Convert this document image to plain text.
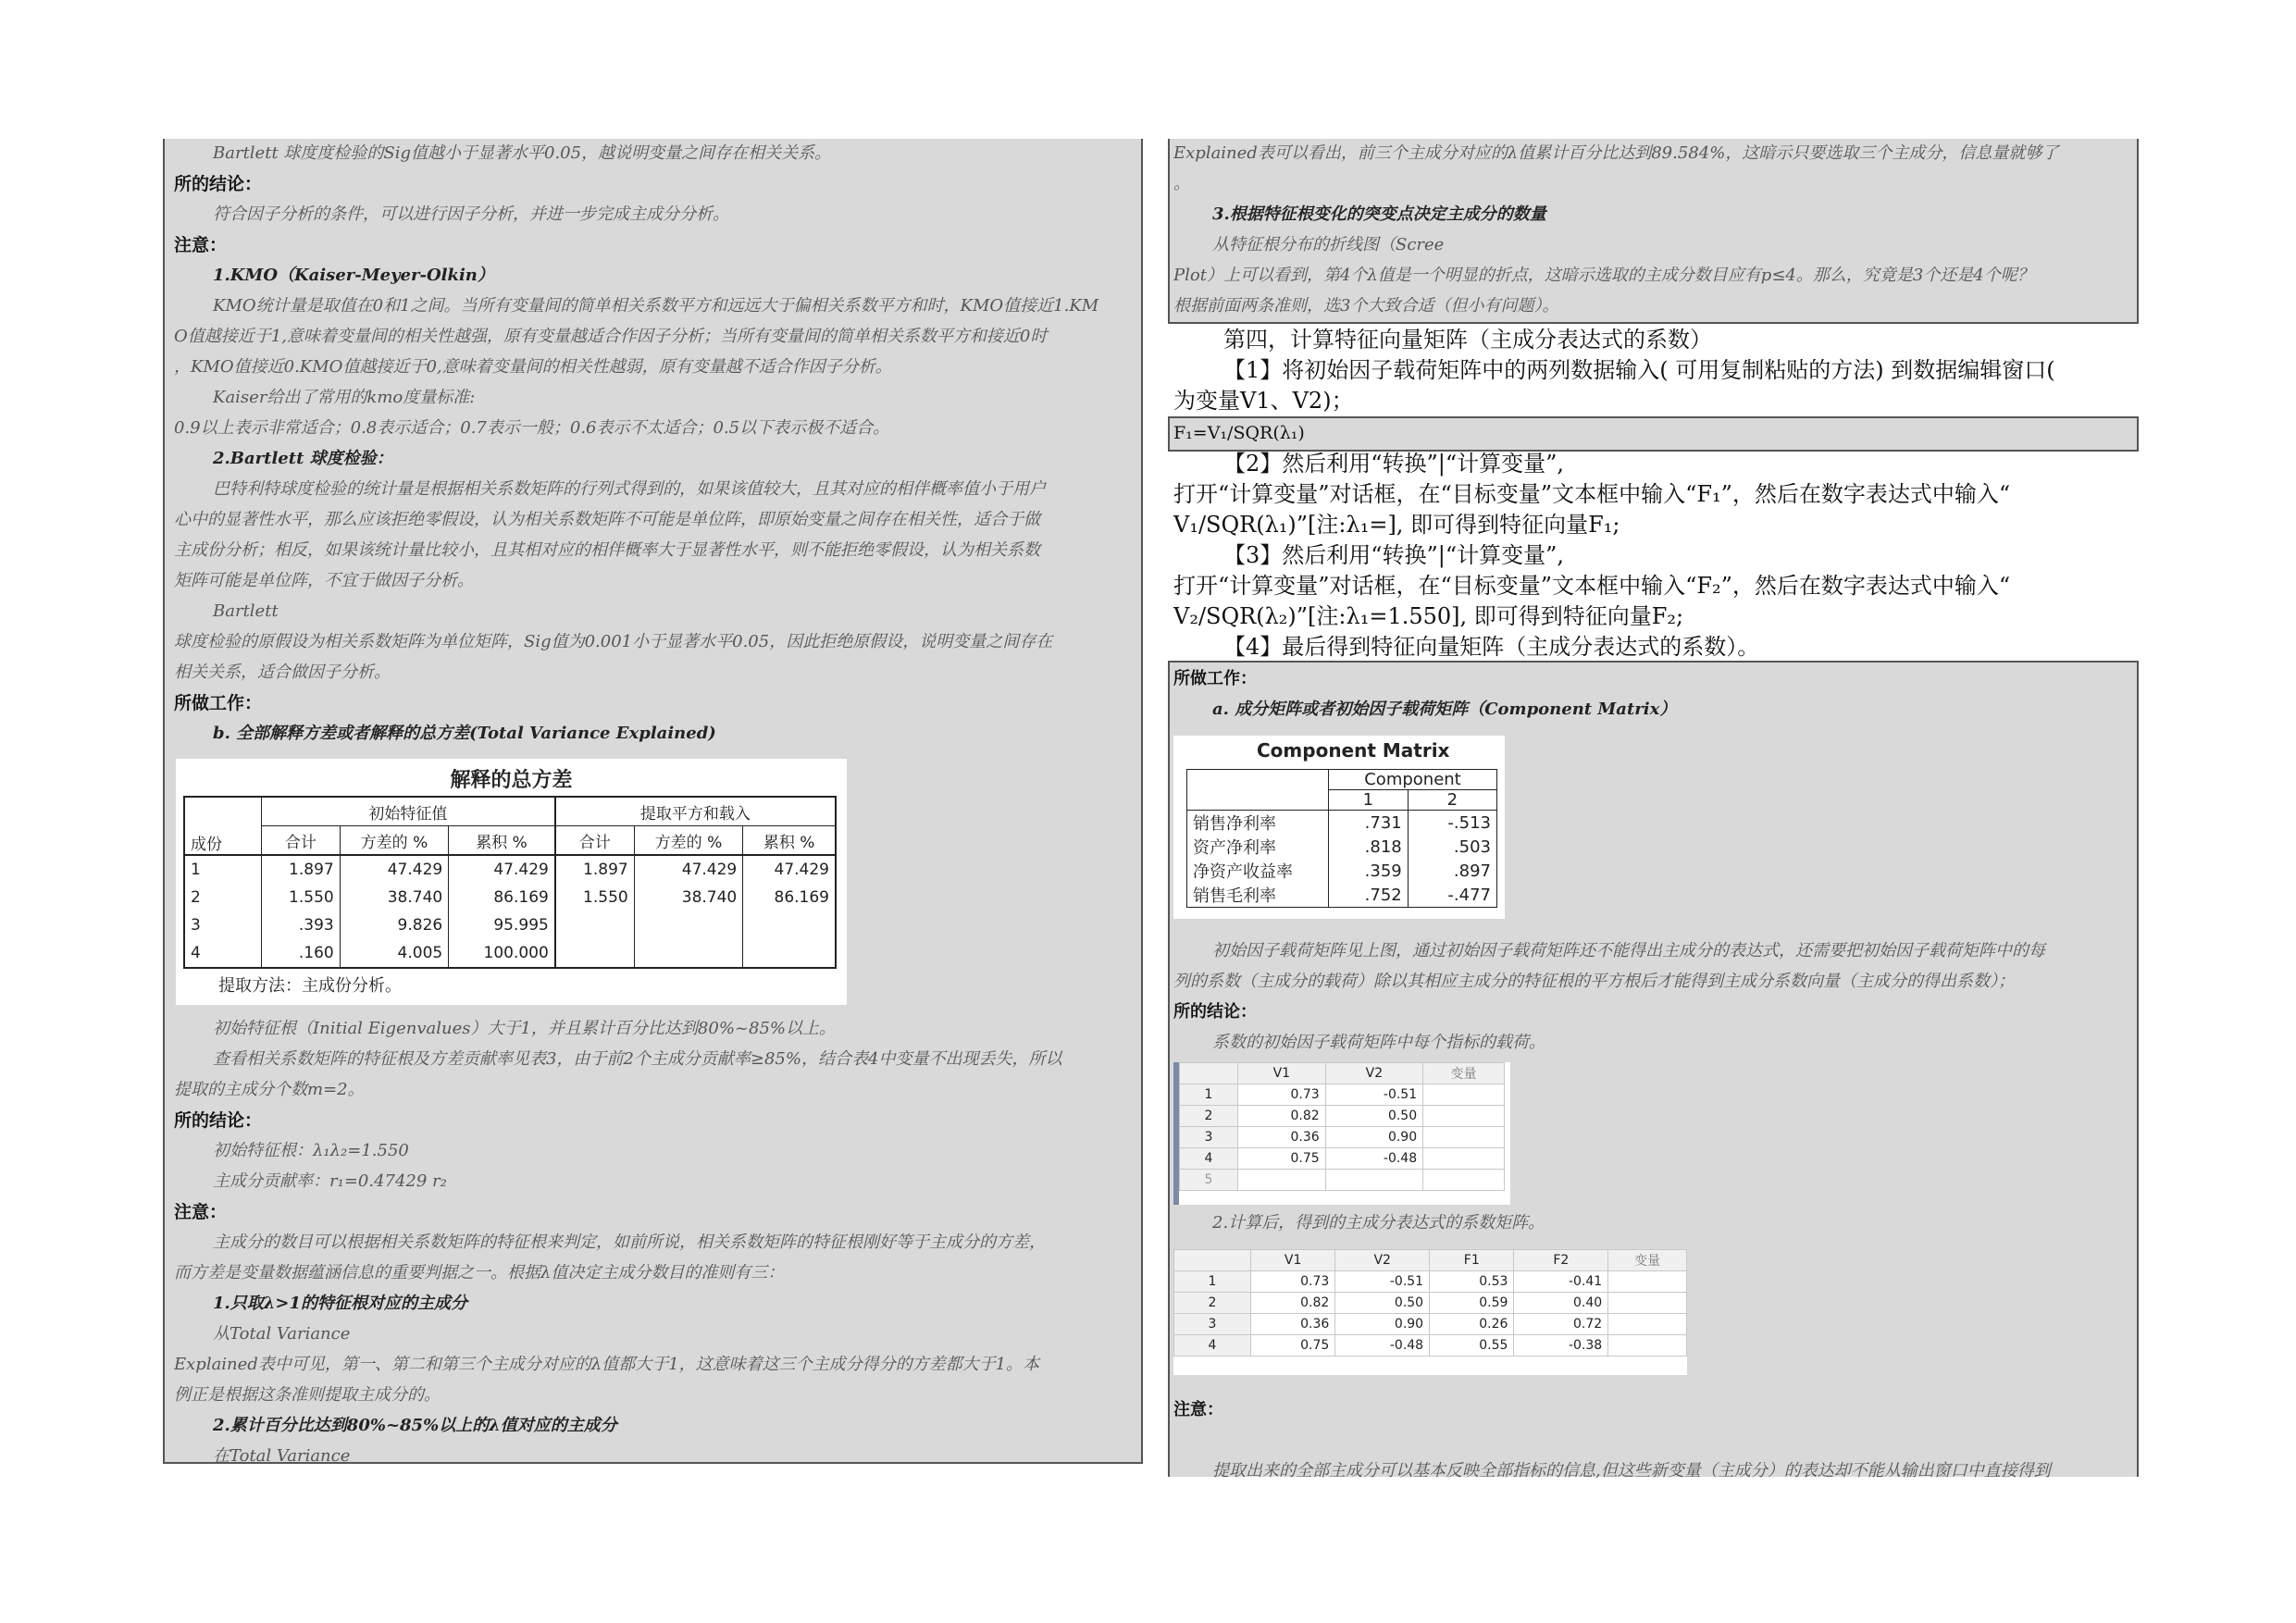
Bartlett 球度度检验的Sig值越小于显著水平0.05，越说明变量之间存在相关关系。
所的结论：
符合因子分析的条件，可以进行因子分析，并进一步完成主成分分析。
注意：
1.KMO（Kaiser-Meyer-Olkin）
KMO统计量是取值在0和1之间。当所有变量间的简单相关系数平方和远远大于偏相关系数平方和时，KMO值接近1.KM
O值越接近于1,意味着变量间的相关性越强，原有变量越适合作因子分析；当所有变量间的简单相关系数平方和接近0时
，KMO值接近0.KMO值越接近于0,意味着变量间的相关性越弱，原有变量越不适合作因子分析。
Kaiser给出了常用的kmo度量标准:
0.9以上表示非常适合；0.8表示适合；0.7表示一般；0.6表示不太适合；0.5以下表示极不适合。
2.Bartlett 球度检验：
巴特利特球度检验的统计量是根据相关系数矩阵的行列式得到的，如果该值较大，且其对应的相伴概率值小于用户
心中的显著性水平，那么应该拒绝零假设，认为相关系数矩阵不可能是单位阵，即原始变量之间存在相关性，适合于做
主成份分析；相反，如果该统计量比较小，且其相对应的相伴概率大于显著性水平，则不能拒绝零假设，认为相关系数
矩阵可能是单位阵，不宜于做因子分析。
Bartlett
球度检验的原假设为相关系数矩阵为单位矩阵，Sig值为0.001小于显著水平0.05，因此拒绝原假设，说明变量之间存在
相关关系，适合做因子分析。
所做工作：
b. 全部解释方差或者解释的总方差(Total Variance Explained)
解释的总方差
成份	初始特征值			提取平方和载入		
	合计	方差的 %	累积 %	合计	方差的 %	累积 %
1	1.897	47.429	47.429	1.897	47.429	47.429
2	1.550	38.740	86.169	1.550	38.740	86.169
3	.393	9.826	95.995			
4	.160	4.005	100.000			
提取方法：主成份分析。
初始特征根（Initial Eigenvalues）大于1，并且累计百分比达到80%~85%以上。
查看相关系数矩阵的特征根及方差贡献率见表3，由于前2个主成分贡献率≥85%，结合表4中变量不出现丢失，所以
提取的主成分个数m=2。
所的结论：
初始特征根：λ₁λ₂=1.550
主成分贡献率：r₁=0.47429 r₂
注意：
主成分的数目可以根据相关系数矩阵的特征根来判定，如前所说，相关系数矩阵的特征根刚好等于主成分的方差，
而方差是变量数据蕴涵信息的重要判据之一。根据λ值决定主成分数目的准则有三：
1.只取λ>1的特征根对应的主成分
从Total Variance
Explained表中可见，第一、第二和第三个主成分对应的λ值都大于1，这意味着这三个主成分得分的方差都大于1。本
例正是根据这条准则提取主成分的。
2.累计百分比达到80%~85%以上的λ值对应的主成分
在Total Variance
Explained表可以看出，前三个主成分对应的λ值累计百分比达到89.584%，这暗示只要选取三个主成分，信息量就够了
。
3.根据特征根变化的突变点决定主成分的数量
从特征根分布的折线图（Scree
Plot）上可以看到，第4个λ值是一个明显的折点，这暗示选取的主成分数目应有p≤4。那么，究竟是3个还是4个呢？
根据前面两条准则，选3个大致合适（但小有问题）。
第四，计算特征向量矩阵（主成分表达式的系数）
【1】将初始因子载荷矩阵中的两列数据输入( 可用复制粘贴的方法) 到数据编辑窗口(
为变量V1、V2)；
F₁=V₁/SQR(λ₁)
【2】然后利用“转换”|“计算变量”,
打开“计算变量”对话框，在“目标变量”文本框中输入“F₁”，然后在数字表达式中输入“
V₁/SQR(λ₁)”[注:λ₁=], 即可得到特征向量F₁;
【3】然后利用“转换”|“计算变量”,
打开“计算变量”对话框，在“目标变量”文本框中输入“F₂”，然后在数字表达式中输入“
V₂/SQR(λ₂)”[注:λ₁=1.550], 即可得到特征向量F₂;
【4】最后得到特征向量矩阵（主成分表达式的系数）。
所做工作：
a. 成分矩阵或者初始因子载荷矩阵（Component Matrix）
Component Matrix
	Component	
	1	2
销售净利率	.731	-.513
资产净利率	.818	.503
净资产收益率	.359	.897
销售毛利率	.752	-.477
初始因子载荷矩阵见上图，通过初始因子载荷矩阵还不能得出主成分的表达式，还需要把初始因子载荷矩阵中的每
列的系数（主成分的载荷）除以其相应主成分的特征根的平方根后才能得到主成分系数向量（主成分的得出系数）；
所的结论：
系数的初始因子载荷矩阵中每个指标的载荷。
	V1	V2	变量
1	0.73	-0.51	
2	0.82	0.50	
3	0.36	0.90	
4	0.75	-0.48	
5			
2.计算后，得到的主成分表达式的系数矩阵。
	V1	V2	F1	F2	变量
1	0.73	-0.51	0.53	-0.41	
2	0.82	0.50	0.59	0.40	
3	0.36	0.90	0.26	0.72	
4	0.75	-0.48	0.55	-0.38	
注意：
提取出来的全部主成分可以基本反映全部指标的信息,但这些新变量（主成分）的表达却不能从输出窗口中直接得到
